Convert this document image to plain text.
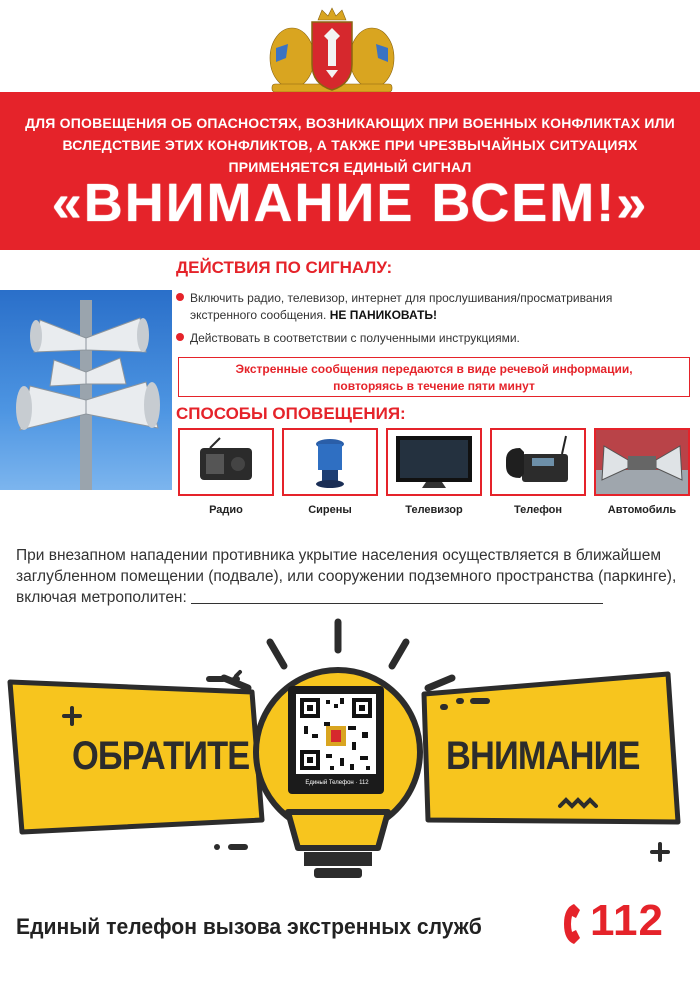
ДЛЯ ОПОВЕЩЕНИЯ ОБ ОПАСНОСТЯХ, ВОЗНИКАЮЩИХ ПРИ ВОЕННЫХ КОНФЛИКТАХ ИЛИ ВСЛЕДСТВИЕ ЭТИХ КОНФЛИКТОВ, А ТАКЖЕ ПРИ ЧРЕЗВЫЧАЙНЫХ СИТУАЦИЯХ ПРИМЕНЯЕТСЯ ЕДИНЫЙ СИГНАЛ
«ВНИМАНИЕ ВСЕМ!»
ДЕЙСТВИЯ ПО СИГНАЛУ:
Включить радио, телевизор, интернет для прослушивания/просматривания
экстренного сообщения. НЕ ПАНИКОВАТЬ!
Действовать в соответствии с полученными инструкциями.
Экстренные сообщения передаются в виде речевой информации,
повторяясь в течение пяти минут
СПОСОБЫ ОПОВЕЩЕНИЯ:
Радио	Сирены	Телевизор	Телефон	Автомобиль
При внезапном нападении противника укрытие населения осуществляется в ближайшем заглубленном помещении (подвале), или сооружении подземного пространства (паркинге), включая метрополитен:
ОБРАТИТЕ	ВНИМАНИЕ
Единый Телефон · 112
Единый телефон вызова экстренных служб 112
